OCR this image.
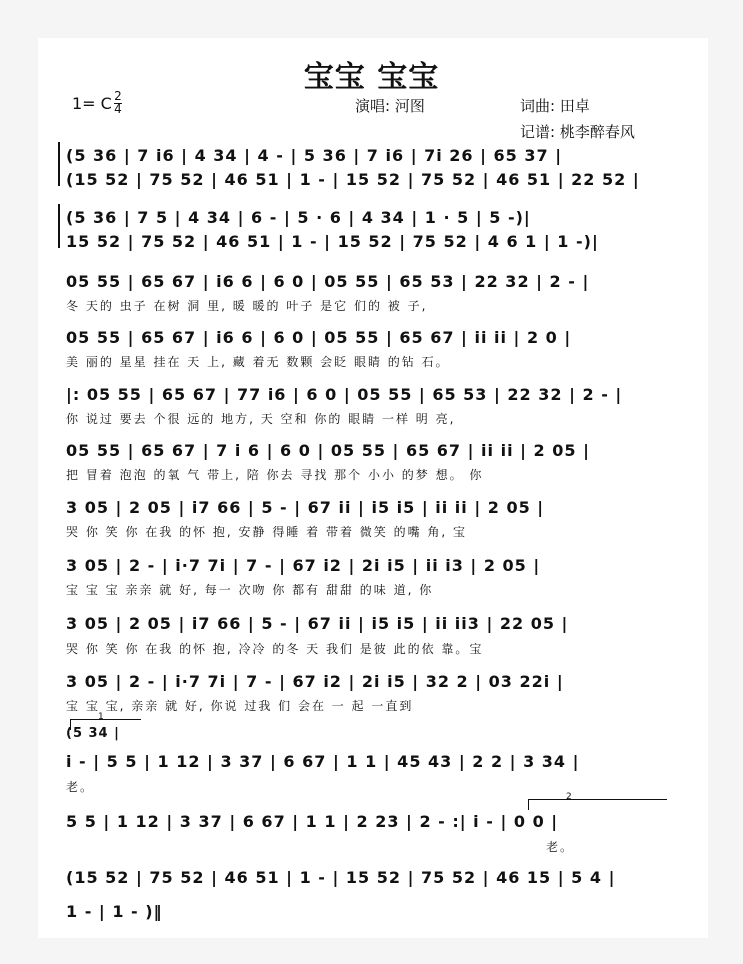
宝宝 宝宝
1= C 2
4	演唱: 河图	词曲: 田卓
记谱: 桃李醉春风
(5 36 | 7 i6 | 4 34 | 4 - | 5 36 | 7 i6 | 7i 26 | 65 37 |
(15 52 | 75 52 | 46 51 | 1 - | 15 52 | 75 52 | 46 51 | 22 52 |
(5 36 | 7 5 | 4 34 | 6 - | 5 · 6 | 4 34 | 1 · 5 | 5 -)|
15 52 | 75 52 | 46 51 | 1 - | 15 52 | 75 52 | 4 6 1 | 1 -)|
05 55 | 65 67 | i6 6 | 6 0 | 05 55 | 65 53 | 22 32 | 2 - |
冬 天的 虫子 在树 洞 里, 暖 暖的 叶子 是它 们的 被 子,
05 55 | 65 67 | i6 6 | 6 0 | 05 55 | 65 67 | ii ii | 2 0 |
美 丽的 星星 挂在 天 上, 藏 着无 数颗 会眨 眼睛 的钻 石。
|: 05 55 | 65 67 | 77 i6 | 6 0 | 05 55 | 65 53 | 22 32 | 2 - |
你 说过 要去 个很 远的 地方, 天 空和 你的 眼睛 一样 明 亮,
05 55 | 65 67 | 7 i 6 | 6 0 | 05 55 | 65 67 | ii ii | 2 05 |
把 冒着 泡泡 的氧 气 带上, 陪 你去 寻找 那个 小小 的梦 想。 你
3 05 | 2 05 | i7 66 | 5 - | 67 ii | i5 i5 | ii ii | 2 05 |
哭 你 笑 你 在我 的怀 抱, 安静 得睡 着 带着 微笑 的嘴 角, 宝
3 05 | 2 - | i·7 7i | 7 - | 67 i2 | 2i i5 | ii i3 | 2 05 |
宝 宝 宝 亲亲 就 好, 每一 次吻 你 都有 甜甜 的味 道, 你
3 05 | 2 05 | i7 66 | 5 - | 67 ii | i5 i5 | ii ii3 | 22 05 |
哭 你 笑 你 在我 的怀 抱, 冷冷 的冬 天 我们 是彼 此的依 靠。宝
3 05 | 2 - | i·7 7i | 7 - | 67 i2 | 2i i5 | 32 2 | 03 22i |
宝 宝 宝, 亲亲 就 好, 你说 过我 们 会在 一 起 一直到
1
(5 34 |
i - | 5 5 | 1 12 | 3 37 | 6 67 | 1 1 | 45 43 | 2 2 | 3 34 |
老。
2
5 5 | 1 12 | 3 37 | 6 67 | 1 1 | 2 23 | 2 - :| i - | 0 0 |
老。
(15 52 | 75 52 | 46 51 | 1 - | 15 52 | 75 52 | 46 15 | 5 4 |
1 - | 1 - )‖
